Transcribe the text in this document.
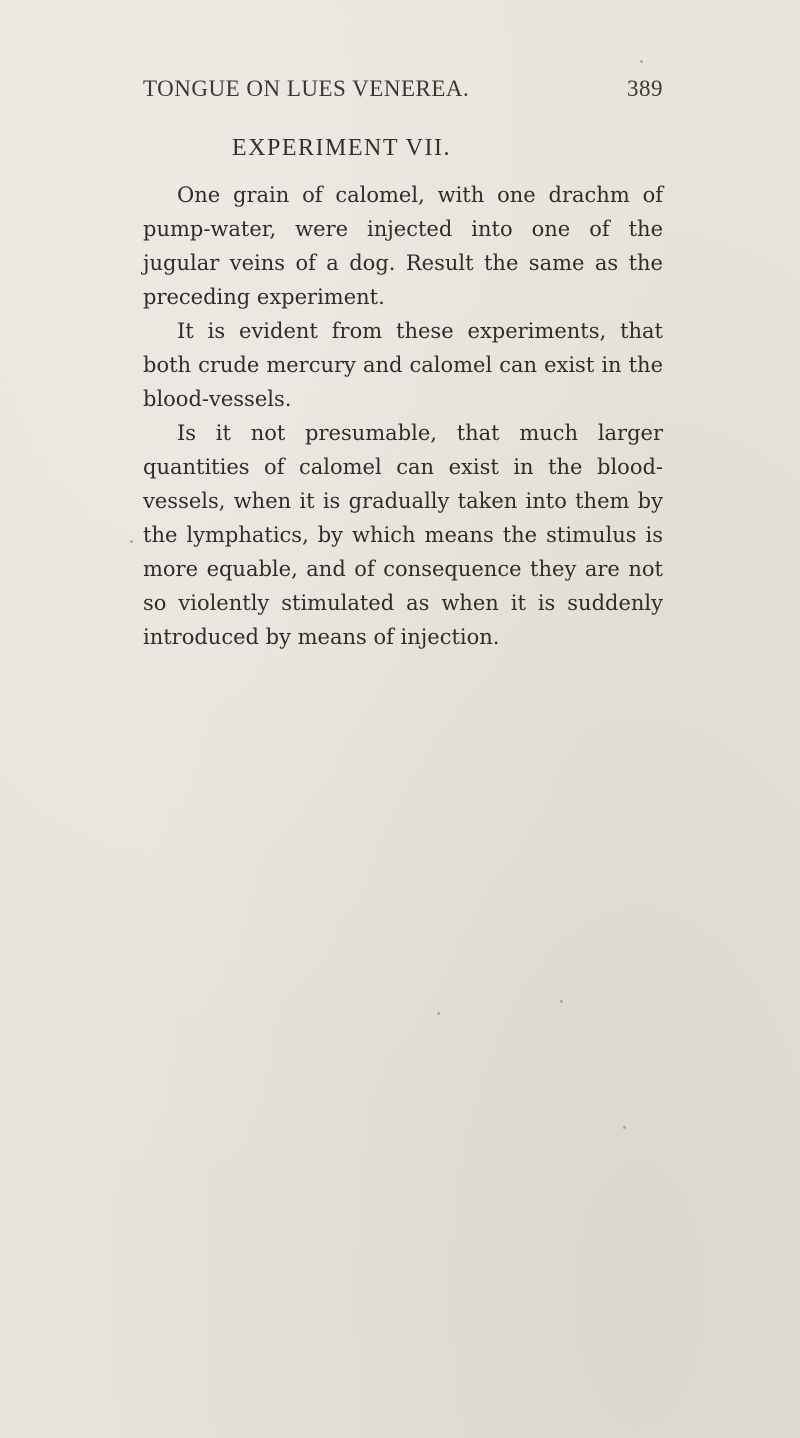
TONGUE ON LUES VENEREA.	389
EXPERIMENT VII.

One grain of calomel, with one drachm of pump-water, were injected into one of the jugular veins of a dog. Result the same as the preceding experiment.

It is evident from these experiments, that both crude mercury and calomel can exist in the blood-vessels.

Is it not presumable, that much larger quantities of calomel can exist in the blood-vessels, when it is gradually taken into them by the lymphatics, by which means the stimulus is more equable, and of consequence they are not so violently stimulated as when it is suddenly introduced by means of injection.
